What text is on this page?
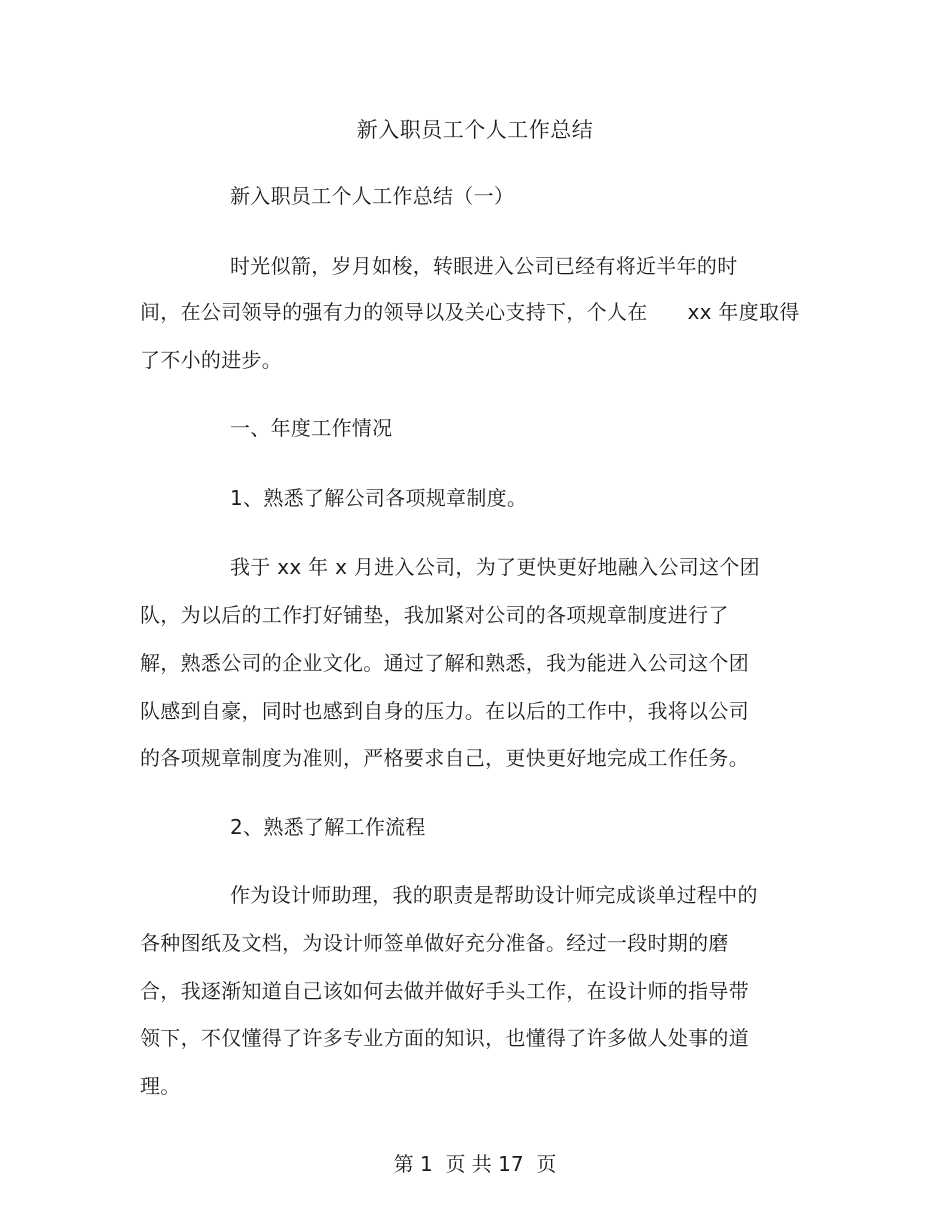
新入职员工个人工作总结
新入职员工个人工作总结（一）
时光似箭，岁月如梭，转眼进入公司已经有将近半年的时
间，在公司领导的强有力的领导以及关心支持下，个人在      xx 年度取得
了不小的进步。
一、年度工作情况
1、熟悉了解公司各项规章制度。
我于 xx 年 x 月进入公司，为了更快更好地融入公司这个团
队，为以后的工作打好铺垫，我加紧对公司的各项规章制度进行了
解，熟悉公司的企业文化。通过了解和熟悉，我为能进入公司这个团
队感到自豪，同时也感到自身的压力。在以后的工作中，我将以公司
的各项规章制度为准则，严格要求自己，更快更好地完成工作任务。
2、熟悉了解工作流程
作为设计师助理，我的职责是帮助设计师完成谈单过程中的
各种图纸及文档，为设计师签单做好充分准备。经过一段时期的磨
合，我逐渐知道自己该如何去做并做好手头工作，在设计师的指导带
领下，不仅懂得了许多专业方面的知识，也懂得了许多做人处事的道
理。
第 1  页 共 17  页
